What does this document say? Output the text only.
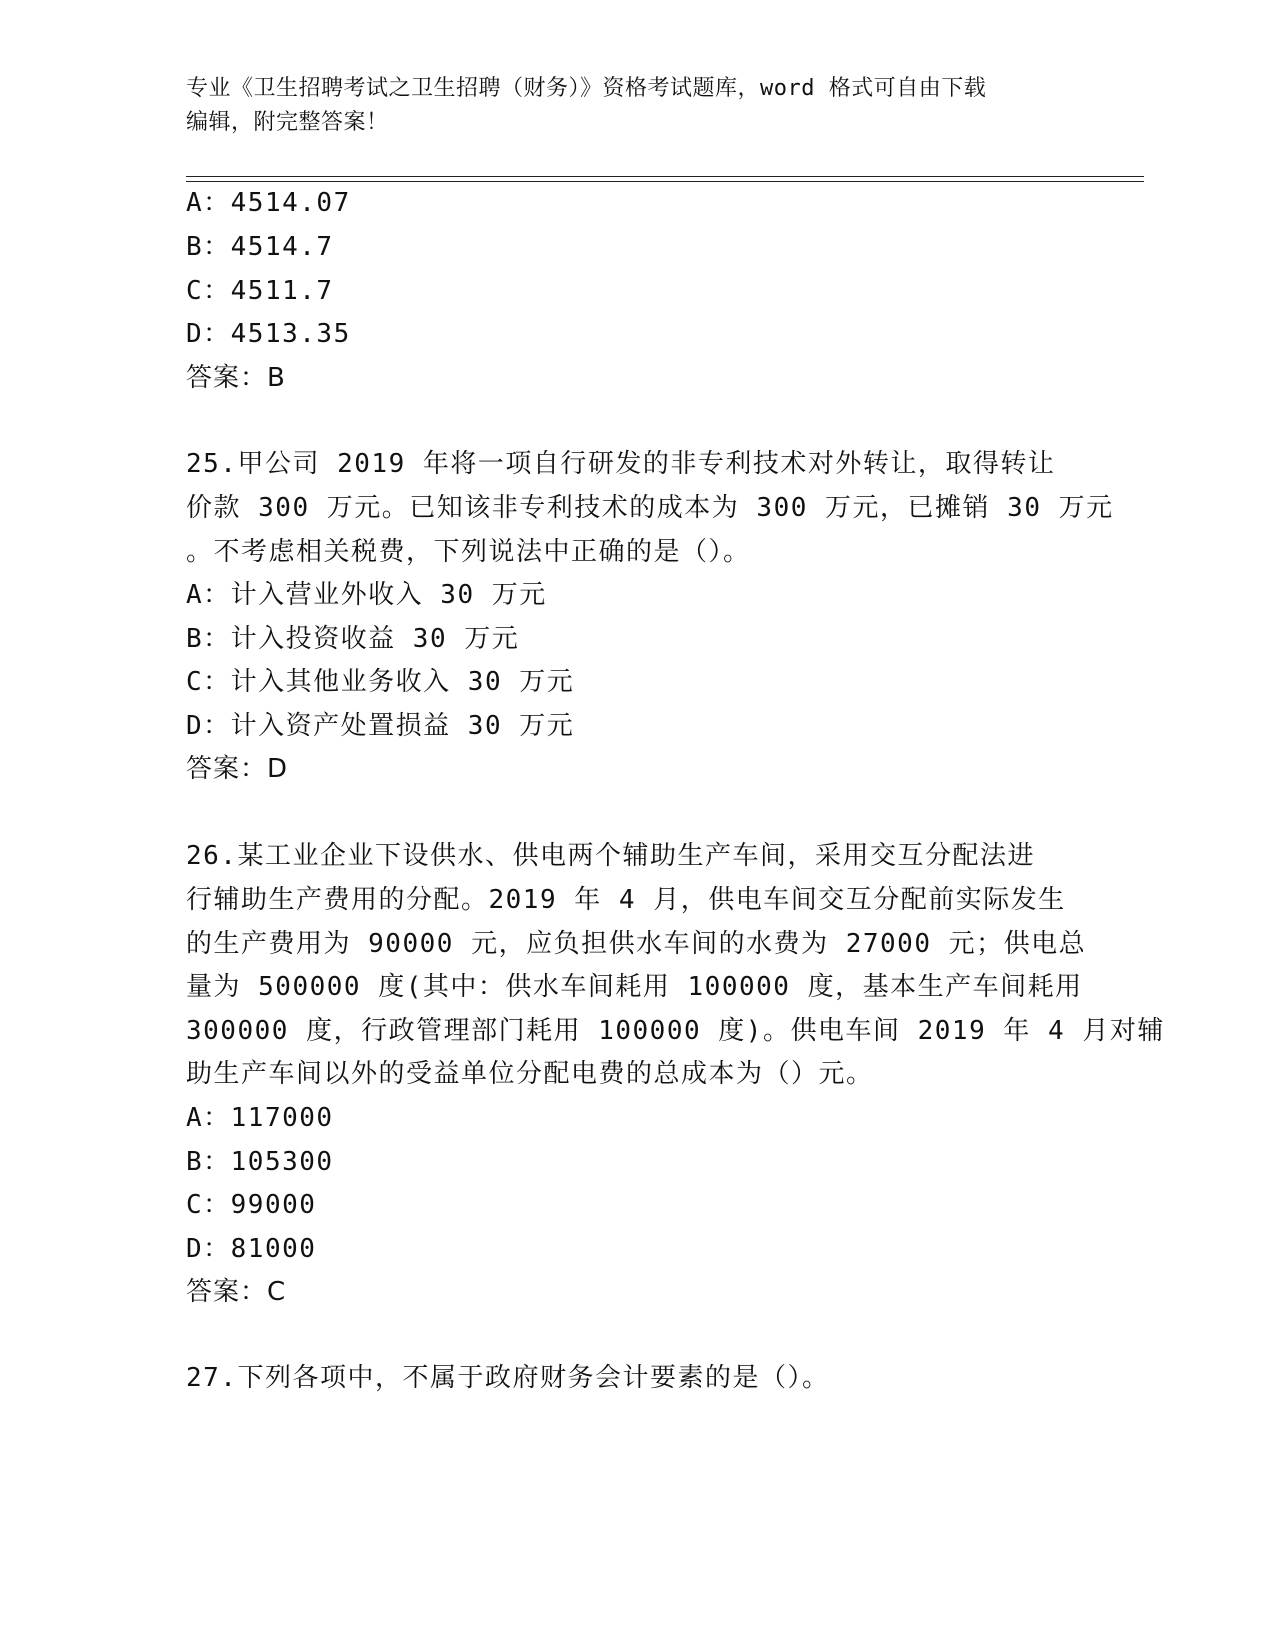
专业《卫生招聘考试之卫生招聘（财务）》资格考试题库，word 格式可自由下载
编辑，附完整答案！
A：4514.07
B：4514.7
C：4511.7
D：4513.35
答案：B
25.甲公司 2019 年将一项自行研发的非专利技术对外转让，取得转让
价款 300 万元。已知该非专利技术的成本为 300 万元，已摊销 30 万元
。不考虑相关税费，下列说法中正确的是（）。
A：计入营业外收入 30 万元
B：计入投资收益 30 万元
C：计入其他业务收入 30 万元
D：计入资产处置损益 30 万元
答案：D
26.某工业企业下设供水、供电两个辅助生产车间，采用交互分配法进
行辅助生产费用的分配。2019 年 4 月，供电车间交互分配前实际发生
的生产费用为 90000 元，应负担供水车间的水费为 27000 元；供电总
量为 500000 度(其中：供水车间耗用 100000 度，基本生产车间耗用
300000 度，行政管理部门耗用 100000 度)。供电车间 2019 年 4 月对辅
助生产车间以外的受益单位分配电费的总成本为（）元。
A：117000
B：105300
C：99000
D：81000
答案：C
27.下列各项中，不属于政府财务会计要素的是（）。
